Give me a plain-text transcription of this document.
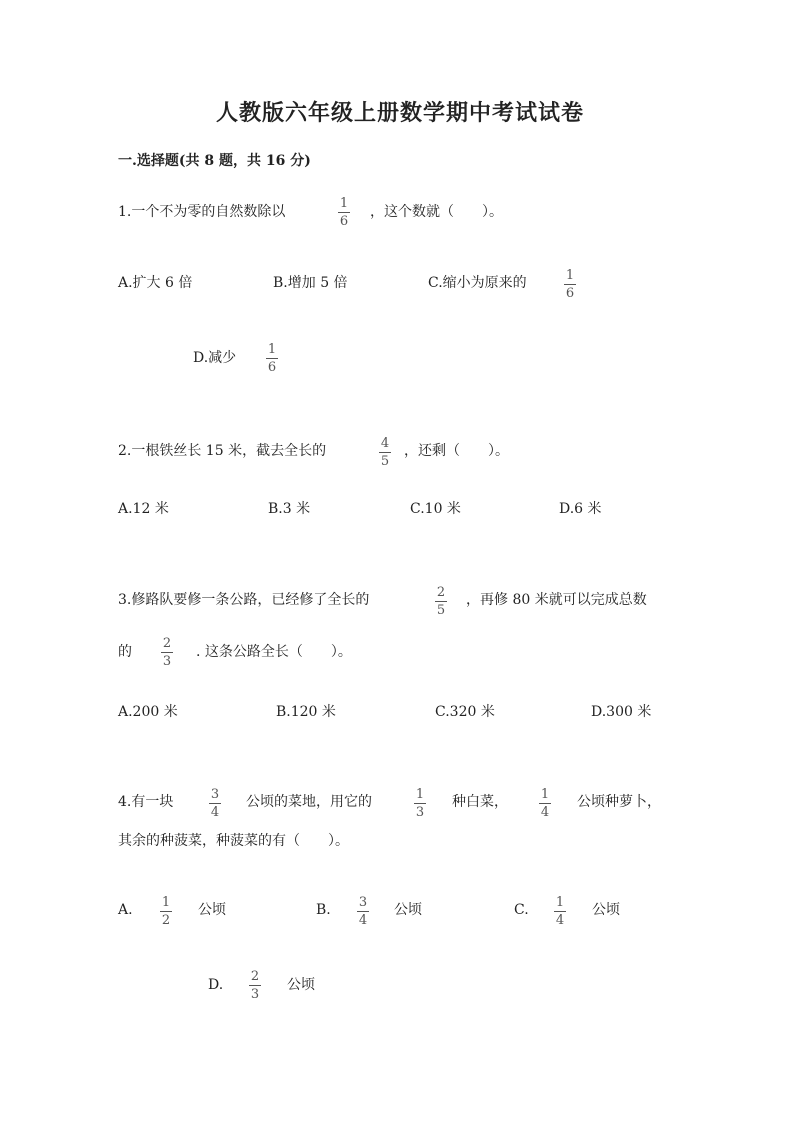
人教版六年级上册数学期中考试试卷
一.选择题(共 8 题，共 16 分)
1.一个不为零的自然数除以
1
6
，这个数就（　　）。
A.扩大 6 倍	B.增加 5 倍	C.缩小为原来的	1
6
D.减少
1
6
2.一根铁丝长 15 米，截去全长的	4
5
，还剩（　　）。
A.12 米	B.3 米	C.10 米	D.6 米
3.修路队要修一条公路，已经修了全长的	2
5
，再修 80 米就可以完成总数
的
2
3
. 这条公路全长（　　）。
A.200 米	B.120 米	C.320 米	D.300 米
4.有一块	3
4
公顷的菜地，用它的	1
3
种白菜，	1
4
公顷种萝卜，
其余的种菠菜，种菠菜的有（　　）。
A. 1
2
公顷	B. 3
4
公顷	C. 1
4
公顷
D.
2
3
公顷
